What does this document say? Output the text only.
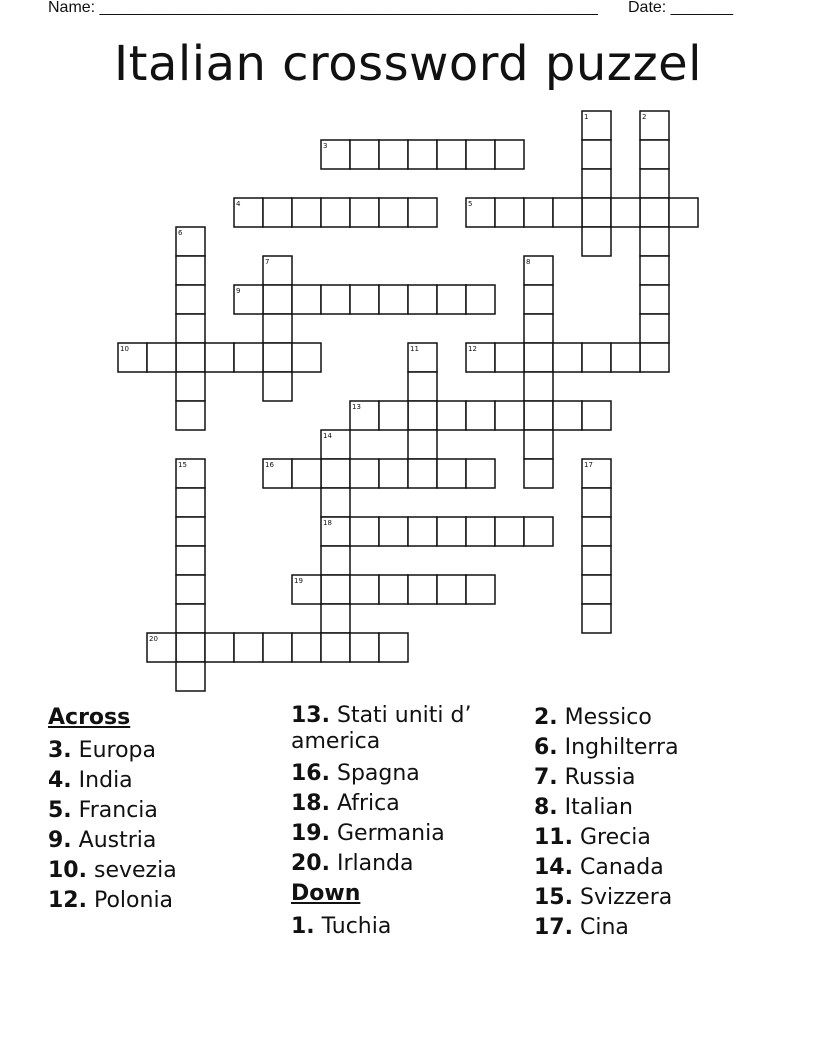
Name: ________________________________________________________ Date: _______
Italian crossword puzzel
1	2
3
4	5
6
7	8
9
10	11	12
13
14
15	16	17
18
19
20
Across
3. Europa
4. India
5. Francia
9. Austria
10. sevezia
12. Polonia
13. Stati uniti d’ america
16. Spagna
18. Africa
19. Germania
20. Irlanda
Down
1. Tuchia
2. Messico
6. Inghilterra
7. Russia
8. Italian
11. Grecia
14. Canada
15. Svizzera
17. Cina
